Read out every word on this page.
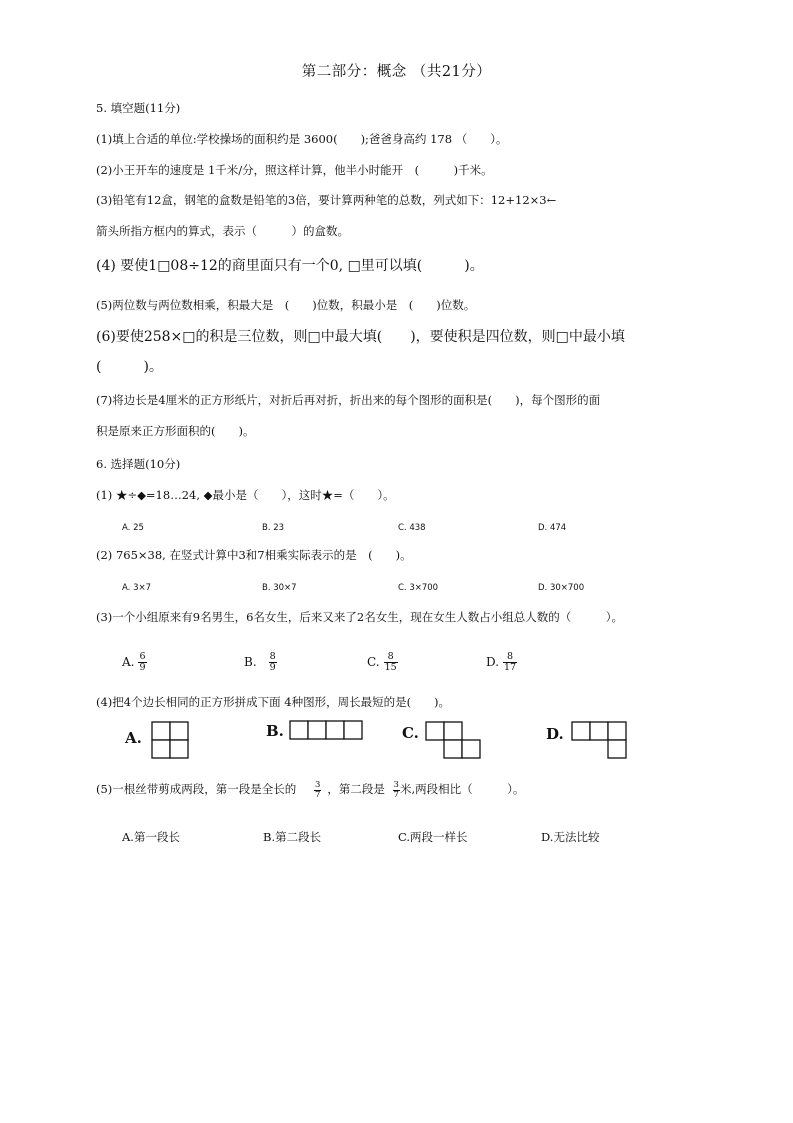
第二部分：概念 （共21分）
5. 填空题(11分)
(1)填上合适的单位:学校操场的面积约是 3600(　　);爸爸身高约 178 （　　）。
(2)小王开车的速度是 1千米/分，照这样计算，他半小时能开　(　　　)千米。
(3)铅笔有12盒，钢笔的盒数是铅笔的3倍，要计算两种笔的总数，列式如下：12+12×3←
箭头所指方框内的算式，表示（　　　）的盒数。
(4) 要使1□08÷12的商里面只有一个0, □里可以填(　　　)。
(5)两位数与两位数相乘，积最大是　(　　)位数，积最小是　(　　)位数。
(6)要使258×□的积是三位数，则□中最大填(　　)，要使积是四位数，则□中最小填
(　　　)。
(7)将边长是4厘米的正方形纸片，对折后再对折，折出来的每个图形的面积是(　　)，每个图形的面
积是原来正方形面积的(　　)。
6. 选择题(10分)
(1) ★÷◆=18…24, ◆最小是（　　），这时★=（　　）。
A. 25	B. 23	C. 438	D. 474
(2) 765×38, 在竖式计算中3和7相乘实际表示的是　(　　)。
A. 3×7	B. 30×7	C. 3×700	D. 30×700
(3)一个小组原来有9名男生，6名女生，后来又来了2名女生，现在女生人数占小组总人数的（　　　）。
A. $\frac{6}{9}$	B. $\frac{8}{9}$	C. $\frac{8}{15}$	D. $\frac{8}{17}$
(4)把4个边长相同的正方形拼成下面 4种图形，周长最短的是(　　)。
A.	B.	C.	D.
(5)一根丝带剪成两段，第一段是全长的 $\frac{3}{7}$ ，第二段是 $\frac{3}{7}$ 米,两段相比（　　　）。
A.第一段长	B.第二段长	C.两段一样长	D.无法比较
